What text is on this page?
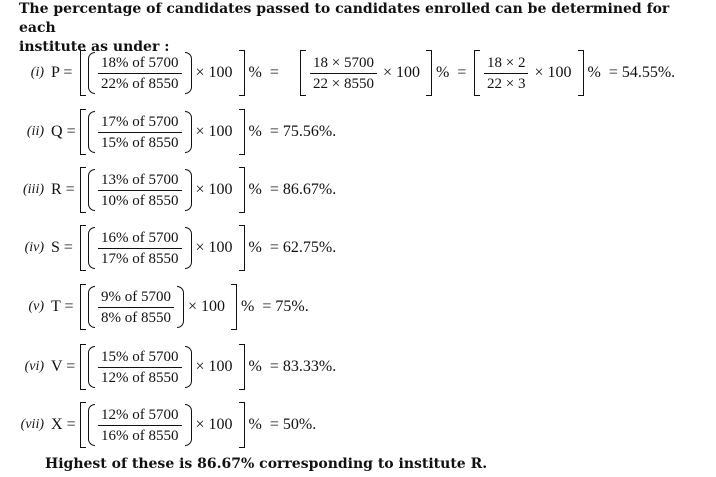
The percentage of candidates passed to candidates enrolled can be determined for each
institute as under :
(i) $P = \frac{18\% of 5700}{22\% of 8550} \times 100$ % = $\frac{18 \times 5700}{22 \times 8550} \times 100$ % = $\frac{18 \times 2}{22 \times 3} \times 100$ % = 54.55%.
(ii) $Q = \frac{17\% of 5700}{15\% of 8550} \times 100$ % = 75.56%.
(iii) $R = \frac{13\% of 5700}{10\% of 8550} \times 100$ % = 86.67%.
(iv) $S = \frac{16\% of 5700}{17\% of 8550} \times 100$ % = 62.75%.
(v) $T = \frac{9\% of 5700}{8\% of 8550} \times 100$ % = 75%.
(vi) $V = \frac{15\% of 5700}{12\% of 8550} \times 100$ % = 83.33%.
(vii) $X = \frac{12\% of 5700}{16\% of 8550} \times 100$ % = 50%.
Highest of these is 86.67% corresponding to institute R.
